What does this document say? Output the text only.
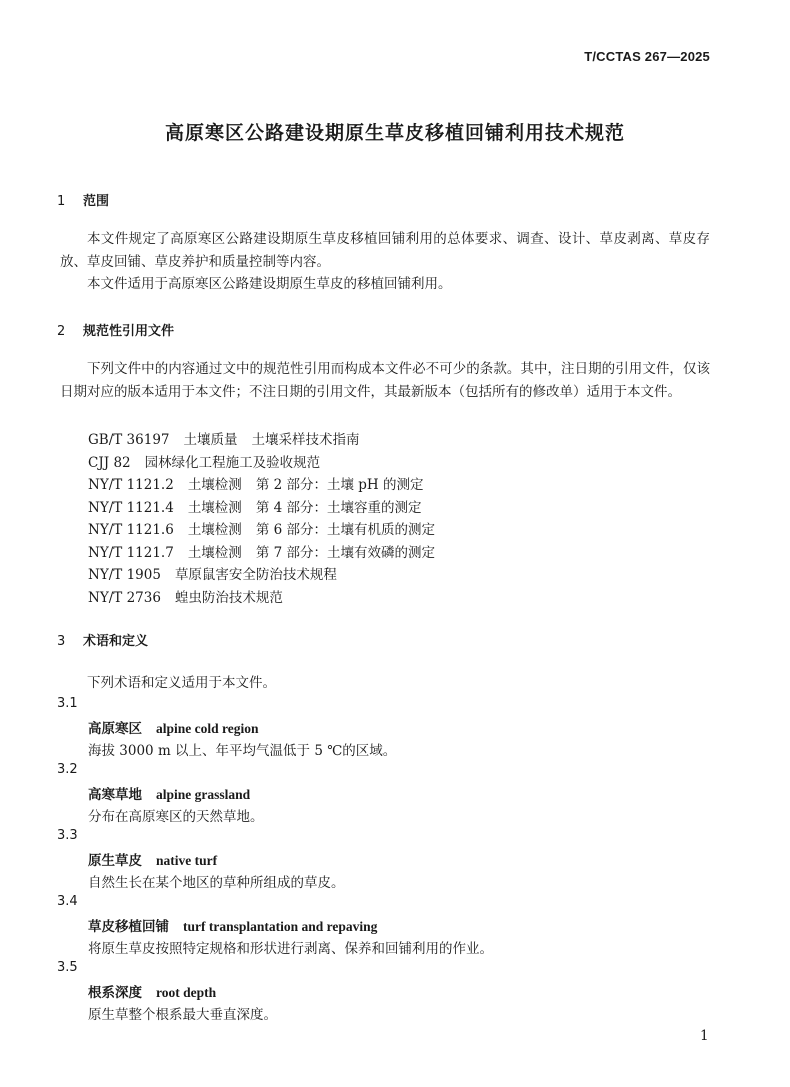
T/CCTAS 267—2025
高原寒区公路建设期原生草皮移植回铺利用技术规范
1 范围
本文件规定了高原寒区公路建设期原生草皮移植回铺利用的总体要求、调查、设计、草皮剥离、草皮存放、草皮回铺、草皮养护和质量控制等内容。
本文件适用于高原寒区公路建设期原生草皮的移植回铺利用。
2 规范性引用文件
下列文件中的内容通过文中的规范性引用而构成本文件必不可少的条款。其中，注日期的引用文件，仅该日期对应的版本适用于本文件；不注日期的引用文件，其最新版本（包括所有的修改单）适用于本文件。
GB/T 36197 土壤质量 土壤采样技术指南
CJJ 82 园林绿化工程施工及验收规范
NY/T 1121.2 土壤检测 第 2 部分：土壤 pH 的测定
NY/T 1121.4 土壤检测 第 4 部分：土壤容重的测定
NY/T 1121.6 土壤检测 第 6 部分：土壤有机质的测定
NY/T 1121.7 土壤检测 第 7 部分：土壤有效磷的测定
NY/T 1905 草原鼠害安全防治技术规程
NY/T 2736 蝗虫防治技术规范
3 术语和定义
下列术语和定义适用于本文件。
3.1
高原寒区 alpine cold region
海拔 3000 m 以上、年平均气温低于 5 ℃的区域。
3.2
高寒草地 alpine grassland
分布在高原寒区的天然草地。
3.3
原生草皮 native turf
自然生长在某个地区的草种所组成的草皮。
3.4
草皮移植回铺 turf transplantation and repaving
将原生草皮按照特定规格和形状进行剥离、保养和回铺利用的作业。
3.5
根系深度 root depth
原生草整个根系最大垂直深度。
1
